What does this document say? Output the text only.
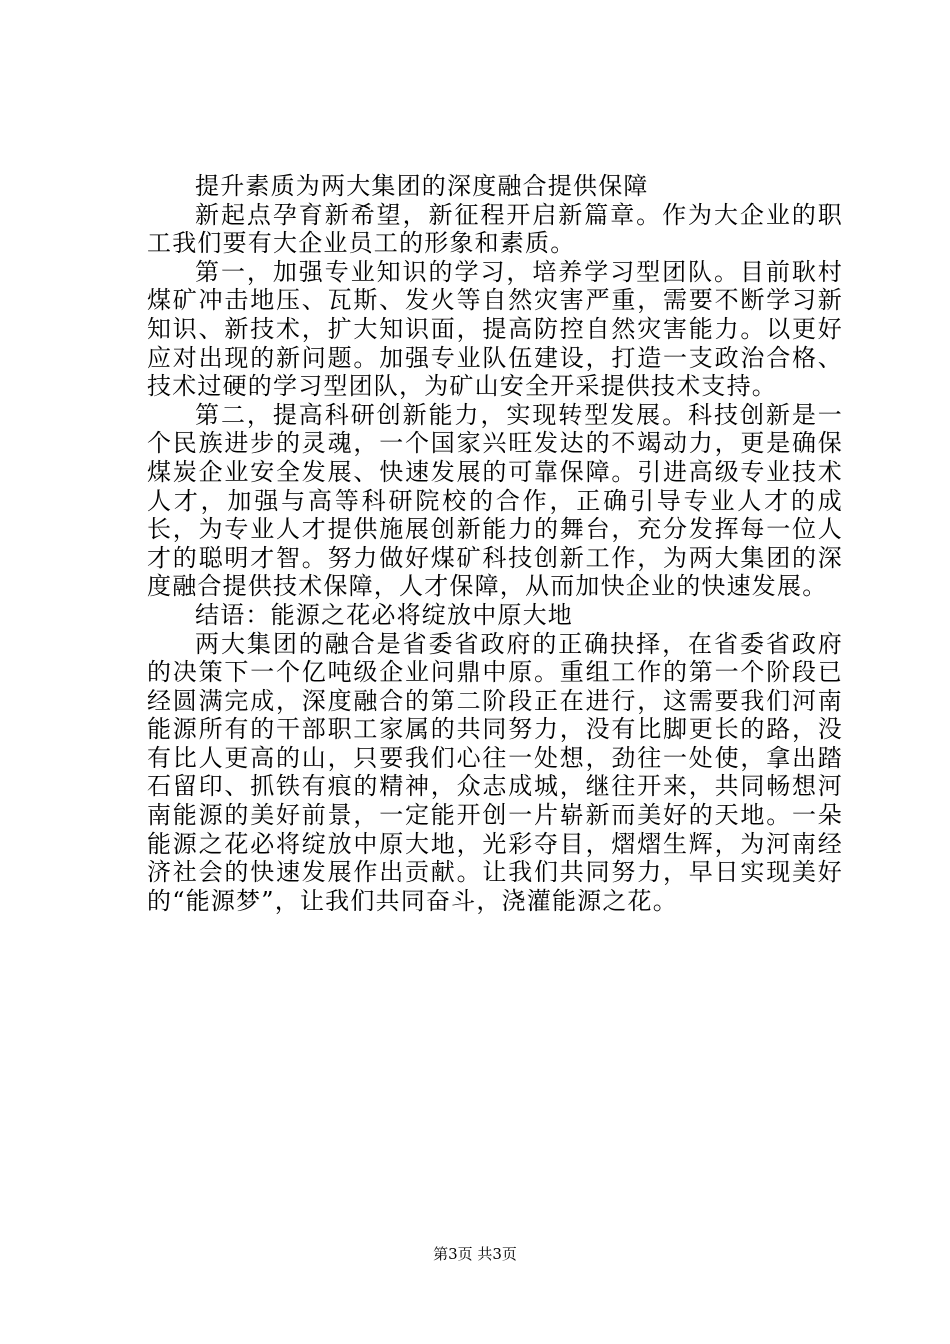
提升素质为两大集团的深度融合提供保障

新起点孕育新希望，新征程开启新篇章。作为大企业的职工我们要有大企业员工的形象和素质。

第一，加强专业知识的学习，培养学习型团队。目前耿村煤矿冲击地压、瓦斯、发火等自然灾害严重，需要不断学习新知识、新技术，扩大知识面，提高防控自然灾害能力。以更好应对出现的新问题。加强专业队伍建设，打造一支政治合格、技术过硬的学习型团队，为矿山安全开采提供技术支持。

第二，提高科研创新能力，实现转型发展。科技创新是一个民族进步的灵魂，一个国家兴旺发达的不竭动力，更是确保煤炭企业安全发展、快速发展的可靠保障。引进高级专业技术人才，加强与高等科研院校的合作，正确引导专业人才的成长，为专业人才提供施展创新能力的舞台，充分发挥每一位人才的聪明才智。努力做好煤矿科技创新工作，为两大集团的深度融合提供技术保障，人才保障，从而加快企业的快速发展。

结语：能源之花必将绽放中原大地

两大集团的融合是省委省政府的正确抉择，在省委省政府的决策下一个亿吨级企业问鼎中原。重组工作的第一个阶段已经圆满完成，深度融合的第二阶段正在进行，这需要我们河南能源所有的干部职工家属的共同努力，没有比脚更长的路，没有比人更高的山，只要我们心往一处想，劲往一处使，拿出踏石留印、抓铁有痕的精神，众志成城，继往开来，共同畅想河南能源的美好前景，一定能开创一片崭新而美好的天地。一朵能源之花必将绽放中原大地，光彩夺目，熠熠生辉，为河南经济社会的快速发展作出贡献。让我们共同努力，早日实现美好的“能源梦”，让我们共同奋斗，浇灌能源之花。

第3页 共3页
